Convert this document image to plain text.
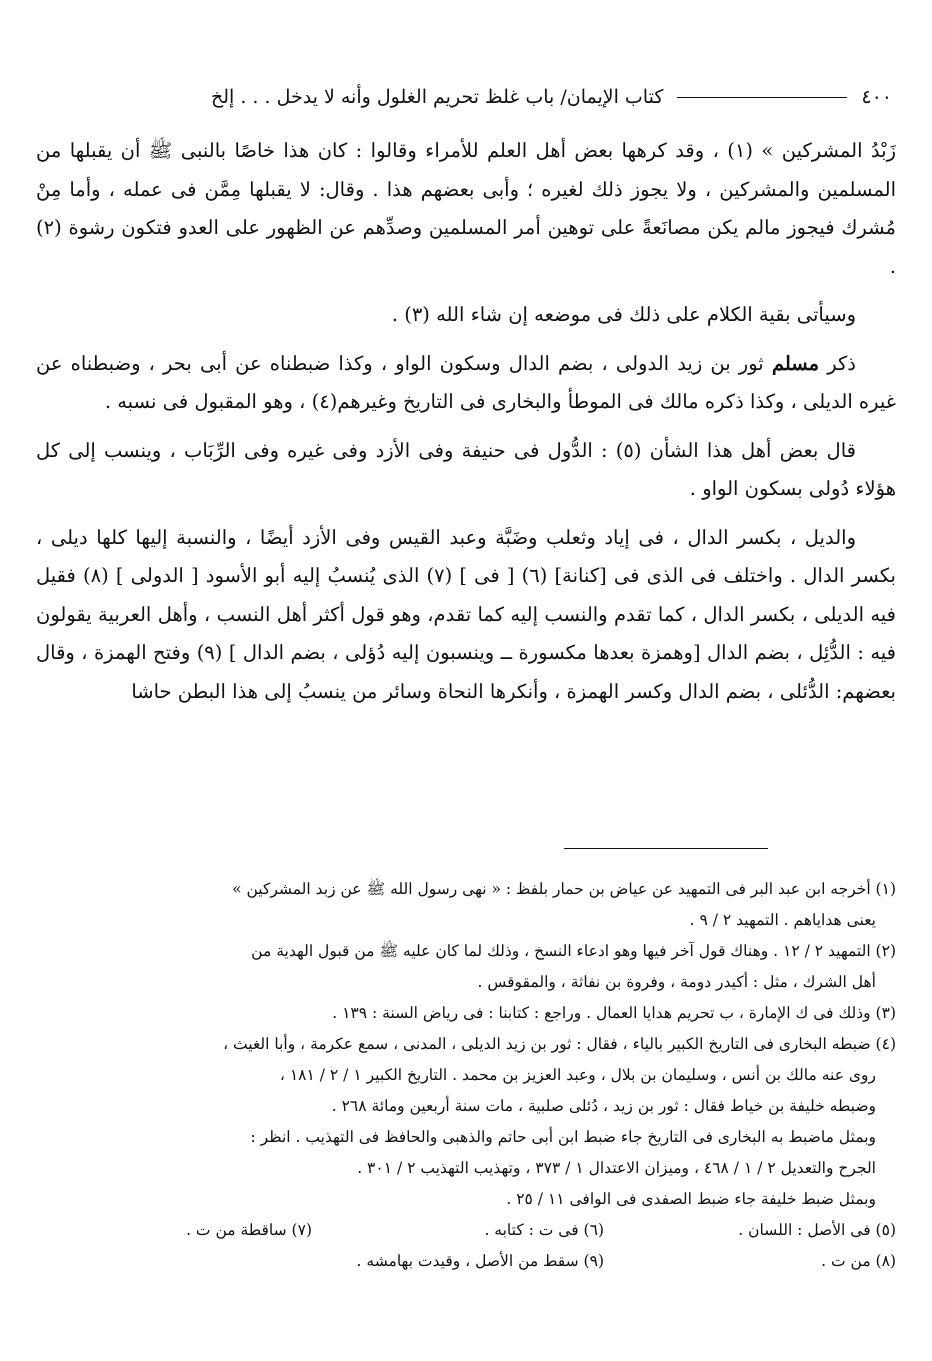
٤٠٠
كتاب الإيمان/ باب غلظ تحريم الغلول وأنه لا يدخل . . . إلخ

زَبْدُ المشركين » (١) ، وقد كرهها بعض أهل العلم للأمراء وقالوا : كان هذا خاصًا بالنبى ﷺ أن يقبلها من المسلمين والمشركين ، ولا يجوز ذلك لغيره ؛ وأبى بعضهم هذا . وقال: لا يقبلها مِمَّن فى عمله ، وأما مِنْ مُشرك فيجوز مالم يكن مصانَعةً على توهين أمر المسلمين وصدِّهم عن الظهور على العدو فتكون رشوة (٢) .

وسيأتى بقية الكلام على ذلك فى موضعه إن شاء الله (٣) .

ذكر مسلم ثور بن زيد الدولى ، بضم الدال وسكون الواو ، وكذا ضبطناه عن أبى بحر ، وضبطناه عن غيره الديلى ، وكذا ذكره مالك فى الموطأ والبخارى فى التاريخ وغيرهم(٤) ، وهو المقبول فى نسبه .

قال بعض أهل هذا الشأن (٥) : الدُّول فى حنيفة وفى الأزد وفى غيره وفى الرِّبَاب ، وينسب إلى كل هؤلاء دُولى بسكون الواو .

والديل ، بكسر الدال ، فى إياد وثعلب وضَبَّة وعبد القيس وفى الأزد أيضًا ، والنسبة إليها كلها ديلى ، بكسر الدال . واختلف فى الذى فى [كنانة] (٦) [ فى ] (٧) الذى يُنسبُ إليه أبو الأسود [ الدولى ] (٨) فقيل فيه الديلى ، بكسر الدال ، كما تقدم والنسب إليه كما تقدم، وهو قول أكثر أهل النسب ، وأهل العربية يقولون فيه : الدُّئِل ، بضم الدال [وهمزة بعدها مكسورة ــ وينسبون إليه دُؤلى ، بضم الدال ] (٩) وفتح الهمزة ، وقال بعضهم: الدُّئلى ، بضم الدال وكسر الهمزة ، وأنكرها النحاة وسائر من ينسبُ إلى هذا البطن حاشا

(١) أخرجه ابن عبد البر فى التمهيد عن عياض بن حمار بلفظ : « نهى رسول الله ﷺ عن زبد المشركين »

يعنى هداياهم . التمهيد ٢ / ٩ .

(٢) التمهيد ٢ / ١٢ . وهناك قول آخر فيها وهو ادعاء النسخ ، وذلك لما كان عليه ﷺ من قبول الهدية من

أهل الشرك ، مثل : أكيدر دومة ، وفروة بن نفاثة ، والمقوقس .

(٣) وذلك فى ك الإمارة ، ب تحريم هدايا العمال . وراجع : كتابنا : فى رياض السنة : ١٣٩ .

(٤) ضبطه البخارى فى التاريخ الكبير بالياء ، فقال : ثور بن زيد الديلى ، المدنى ، سمع عكرمة ، وأبا الغيث ،

روى عنه مالك بن أنس ، وسليمان بن بلال ، وعبد العزيز بن محمد . التاريخ الكبير ١ / ٢ / ١٨١ ،

وضبطه خليفة بن خياط فقال : ثور بن زيد ، دُئلى صلبية ، مات سنة أربعين ومائة ٢٦٨ .

وبمثل ماضبط به البخارى فى التاريخ جاء ضبط ابن أبى حاتم والذهبى والحافظ فى التهذيب . انظر :

الجرح والتعديل ٢ / ١ / ٤٦٨ ، وميزان الاعتدال ١ / ٣٧٣ ، وتهذيب التهذيب ٢ / ٣٠١ .

وبمثل ضبط خليفة جاء ضبط الصفدى فى الوافى ١١ / ٢٥ .

(٥) فى الأصل : اللسان .
(٦) فى ت : كتابه .
(٧) ساقطة من ت .
(٨) من ت .
(٩) سقط من الأصل ، وقيدت بهامشه .
